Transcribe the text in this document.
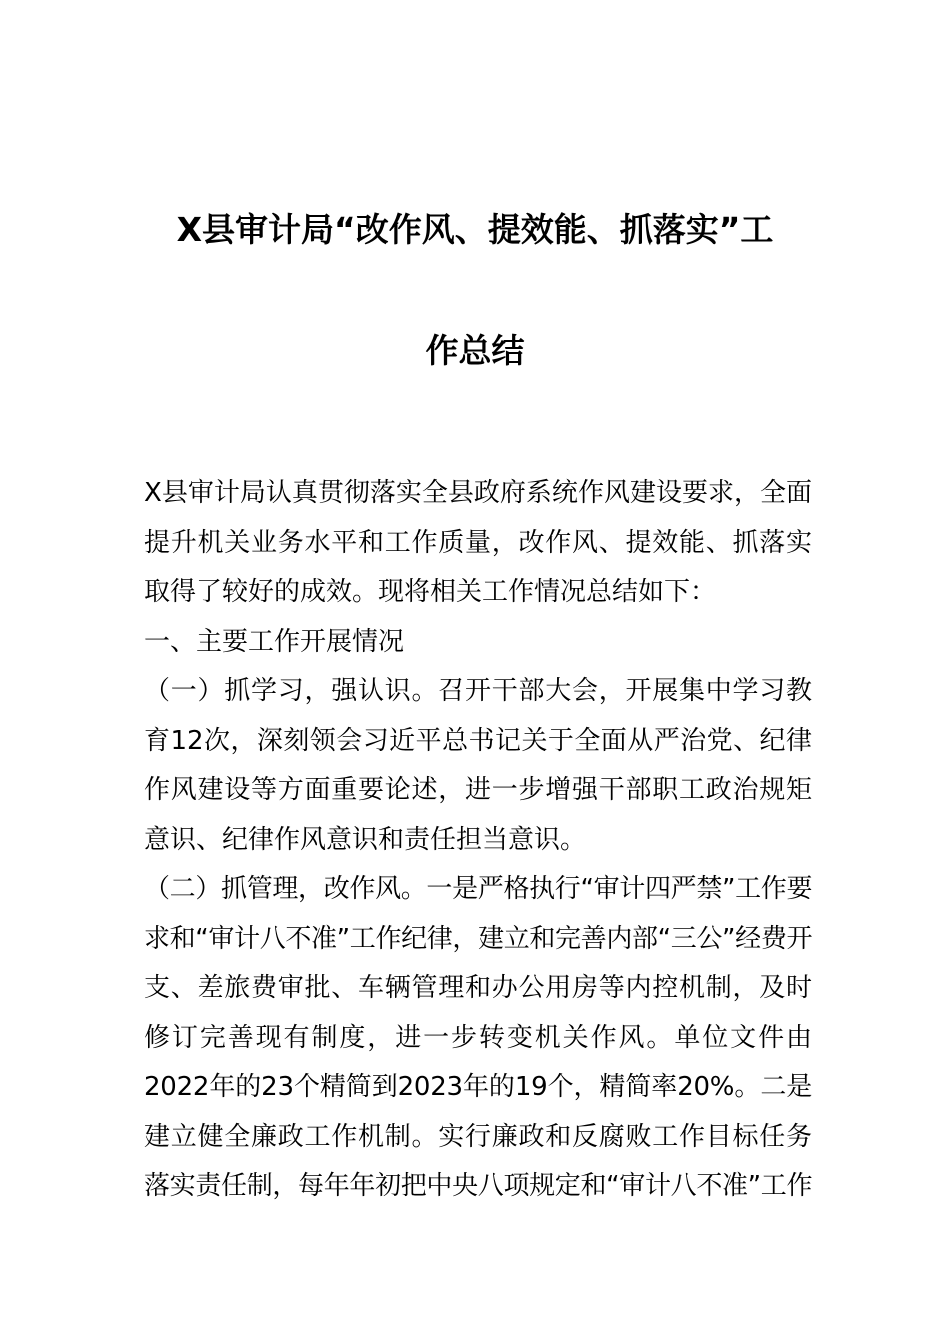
X县审计局“改作风、提效能、抓落实”工
作总结
X县审计局认真贯彻落实全县政府系统作风建设要求，全面
提升机关业务水平和工作质量，改作风、提效能、抓落实
取得了较好的成效。现将相关工作情况总结如下：
一、主要工作开展情况
（一）抓学习，强认识。召开干部大会，开展集中学习教
育12次，深刻领会习近平总书记关于全面从严治党、纪律
作风建设等方面重要论述，进一步增强干部职工政治规矩
意识、纪律作风意识和责任担当意识。
（二）抓管理，改作风。一是严格执行“审计四严禁”工作要
求和“审计八不准”工作纪律，建立和完善内部“三公”经费开
支、差旅费审批、车辆管理和办公用房等内控机制，及时
修订完善现有制度，进一步转变机关作风。单位文件由
2022年的23个精简到2023年的19个，精简率20%。二是
建立健全廉政工作机制。实行廉政和反腐败工作目标任务
落实责任制，每年年初把中央八项规定和“审计八不准”工作
